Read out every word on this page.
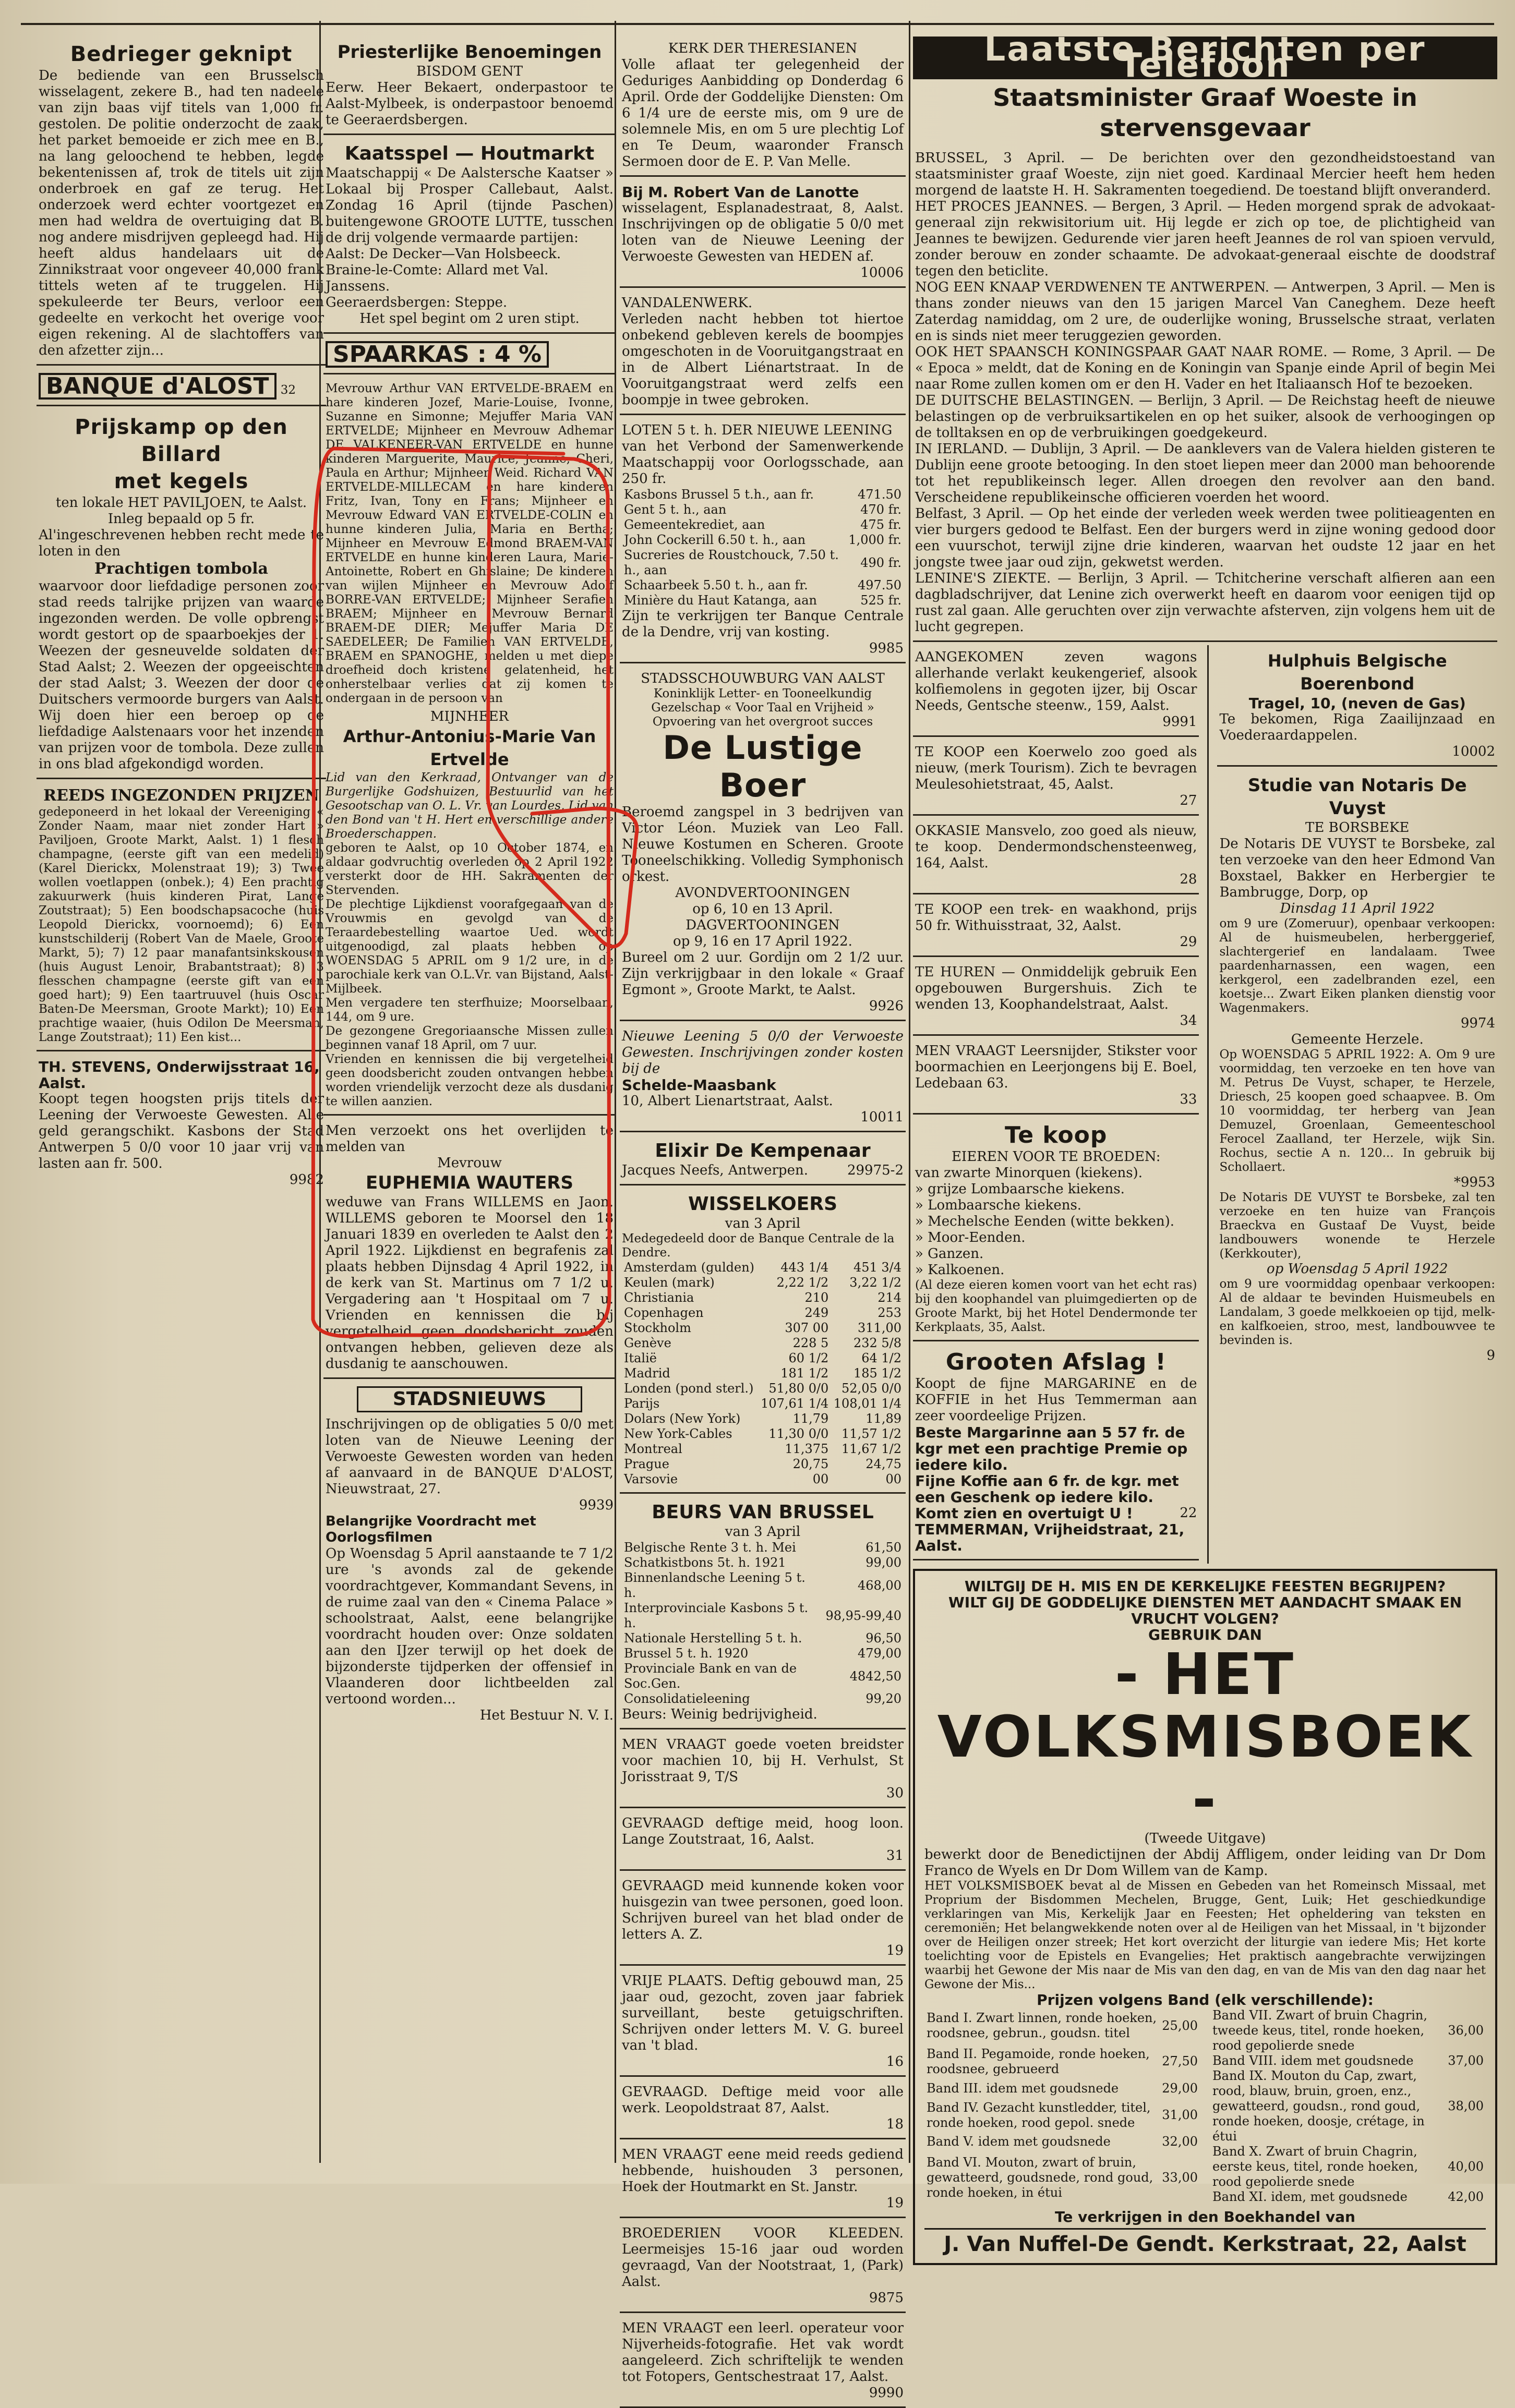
Bedrieger geknipt
De bediende van een Brusselsch wisselagent, zekere B., had ten nadeele van zijn baas vijf titels van 1,000 fr. gestolen. De politie onderzocht de zaak, het parket bemoeide er zich mee en B., na lang geloochend te hebben, legde bekentenissen af, trok de titels uit zijn onderbroek en gaf ze terug. Het onderzoek werd echter voortgezet en men had weldra de overtuiging dat B. nog andere misdrijven gepleegd had. Hij heeft aldus handelaars uit de Zinnikstraat voor ongeveer 40,000 frank tittels weten af te truggelen. Hij spekuleerde ter Beurs, verloor een gedeelte en verkocht het overige voor eigen rekening. Al de slachtoffers van den afzetter zijn...
BANQUE d'ALOST 32
Prijskamp op den Billard
met kegels
ten lokale HET PAVILJOEN, te Aalst.
Inleg bepaald op 5 fr.
Al'ingeschrevenen hebben recht mede te loten in den
Prachtigen tombola
waarvoor door liefdadige personen zoor stad reeds talrijke prijzen van waarde ingezonden werden. De volle opbrengst wordt gestort op de spaarboekjes der 1. Weezen der gesneuvelde soldaten der Stad Aalst; 2. Weezen der opgeeischten der stad Aalst; 3. Weezen der door de Duitschers vermoorde burgers van Aalst. Wij doen hier een beroep op de liefdadige Aalstenaars voor het inzenden van prijzen voor de tombola. Deze zullen in ons blad afgekondigd worden.
REEDS INGEZONDEN PRIJZEN
gedeponeerd in het lokaal der Vereeniging « Zonder Naam, maar niet zonder Hart » Paviljoen, Groote Markt, Aalst. 1) 1 flesch champagne, (eerste gift van een medelid) (Karel Dierickx, Molenstraat 19); 3) Twee wollen voetlappen (onbek.); 4) Een prachtig zakuurwerk (huis kinderen Pirat, Lange Zoutstraat); 5) Een boodschapsacoche (huis Leopold Dierickx, voornoemd); 6) Een kunstschilderij (Robert Van de Maele, Groote Markt, 5); 7) 12 paar manafantsinkskousen (huis August Lenoir, Brabantstraat); 8) 3 flesschen champagne (eerste gift van een goed hart); 9) Een taartruuvel (huis Oscar Baten-De Meersman, Groote Markt); 10) Een prachtige waaier, (huis Odilon De Meersman, Lange Zoutstraat); 11) Een kist...
TH. STEVENS, Onderwijsstraat 16, Aalst.
Koopt tegen hoogsten prijs titels der Leening der Verwoeste Gewesten. Alle geld gerangschikt. Kasbons der Stad Antwerpen 5 0/0 voor 10 jaar vrij van lasten aan fr. 500.
9982
Priesterlijke Benoemingen
BISDOM GENT
Eerw. Heer Bekaert, onderpastoor te Aalst-Mylbeek, is onderpastoor benoemd te Geeraerdsbergen.
Kaatsspel — Houtmarkt
Maatschappij « De Aalstersche Kaatser » Lokaal bij Prosper Callebaut, Aalst. Zondag 16 April (tijnde Paschen) buitengewone GROOTE LUTTE, tusschen de drij volgende vermaarde partijen:
Aalst: De Decker—Van Holsbeeck.
Braine-le-Comte: Allard met Val. Janssens.
Geeraerdsbergen: Steppe.
Het spel begint om 2 uren stipt.
SPAARKAS : 4 %
Mevrouw Arthur VAN ERTVELDE-BRAEM en hare kinderen Jozef, Marie-Louise, Ivonne, Suzanne en Simonne; Mejuffer Maria VAN ERTVELDE; Mijnheer en Mevrouw Adhemar DE VALKENEER-VAN ERTVELDE en hunne kinderen Marguerite, Maurice, Jeanne, Cheri, Paula en Arthur; Mijnheer Weid. Richard VAN ERTVELDE-MILLECAM en hare kinderen Fritz, Ivan, Tony en Frans; Mijnheer en Mevrouw Edward VAN ERTVELDE-COLIN en hunne kinderen Julia, Maria en Bertha; Mijnheer en Mevrouw Edmond BRAEM-VAN ERTVELDE en hunne kinderen Laura, Marie-Antoinette, Robert en Ghislaine; De kinderen van wijlen Mijnheer en Mevrouw Adolf BORRE-VAN ERTVELDE; Mijnheer Serafien BRAEM; Mijnheer en Mevrouw Bernard BRAEM-DE DIER; Mejuffer Maria DE SAEDELEER; De Familien VAN ERTVELDE, BRAEM en SPANOGHE, melden u met diepe droefheid doch kristene gelatenheid, het onherstelbaar verlies dat zij komen te ondergaan in de persoon van
MIJNHEER
Arthur-Antonius-Marie Van Ertvelde
Lid van den Kerkraad, Ontvanger van de Burgerlijke Godshuizen, Bestuurlid van het Gesootschap van O. L. Vr. van Lourdes, Lid van den Bond van 't H. Hert en verschillige andere Broederschappen.
geboren te Aalst, op 10 October 1874, en aldaar godvruchtig overleden op 2 April 1922 versterkt door de HH. Sakramenten der Stervenden.
De plechtige Lijkdienst voorafgegaan van de Vrouwmis en gevolgd van de Teraardebestelling waartoe Ued. wordt uitgenoodigd, zal plaats hebben op WOENSDAG 5 APRIL om 9 1/2 ure, in de parochiale kerk van O.L.Vr. van Bijstand, Aalst-Mijlbeek.
Men vergadere ten sterfhuize; Moorselbaan, 144, om 9 ure.
De gezongene Gregoriaansche Missen zullen beginnen vanaf 18 April, om 7 uur.
Vrienden en kennissen die bij vergetelheid geen doodsbericht zouden ontvangen hebben worden vriendelijk verzocht deze als dusdanig te willen aanzien.
Men verzoekt ons het overlijden te melden van
Mevrouw
EUPHEMIA WAUTERS
weduwe van Frans WILLEMS en Jaon. WILLEMS geboren te Moorsel den 18 Januari 1839 en overleden te Aalst den 2 April 1922. Lijkdienst en begrafenis zal plaats hebben Dijnsdag 4 April 1922, in de kerk van St. Martinus om 7 1/2 u. Vergadering aan 't Hospitaal om 7 u. Vrienden en kennissen die bij vergetelheid geen doodsbericht zouden ontvangen hebben, gelieven deze als dusdanig te aanschouwen.
STADSNIEUWS
Inschrijvingen op de obligaties 5 0/0 met loten van de Nieuwe Leening der Verwoeste Gewesten worden van heden af aanvaard in de BANQUE D'ALOST, Nieuwstraat, 27.
9939
Belangrijke Voordracht met Oorlogsfilmen
Op Woensdag 5 April aanstaande te 7 1/2 ure 's avonds zal de gekende voordrachtgever, Kommandant Sevens, in de ruime zaal van den « Cinema Palace » schoolstraat, Aalst, eene belangrijke voordracht houden over: Onze soldaten aan den IJzer terwijl op het doek de bijzonderste tijdperken der offensief in Vlaanderen door lichtbeelden zal vertoond worden...
Het Bestuur N. V. I.
KERK DER THERESIANEN
Volle aflaat ter gelegenheid der Geduriges Aanbidding op Donderdag 6 April. Orde der Goddelijke Diensten: Om 6 1/4 ure de eerste mis, om 9 ure de solemnele Mis, en om 5 ure plechtig Lof en Te Deum, waaronder Fransch Sermoen door de E. P. Van Melle.
Bij M. Robert Van de Lanotte
wisselagent, Esplanadestraat, 8, Aalst. Inschrijvingen op de obligatie 5 0/0 met loten van de Nieuwe Leening der Verwoeste Gewesten van HEDEN af.
10006
VANDALENWERK.
Verleden nacht hebben tot hiertoe onbekend gebleven kerels de boompjes omgeschoten in de Vooruitgangstraat en in de Albert Liénartstraat. In de Vooruitgangstraat werd zelfs een boompje in twee gebroken.
LOTEN 5 t. h. DER NIEUWE LEENING
van het Verbond der Samenwerkende Maatschappij voor Oorlogsschade, aan 250 fr.
Kasbons Brussel 5 t.h., aan fr.	471.50
Gent 5 t. h., aan	470 fr.
Gemeentekrediet, aan	475 fr.
John Cockerill 6.50 t. h., aan	1,000 fr.
Sucreries de Roustchouck, 7.50 t. h., aan	490 fr.
Schaarbeek 5.50 t. h., aan fr.	497.50
Minière du Haut Katanga, aan	525 fr.
Zijn te verkrijgen ter Banque Centrale de la Dendre, vrij van kosting.
9985
STADSSCHOUWBURG VAN AALST
Koninklijk Letter- en Tooneelkundig Gezelschap « Voor Taal en Vrijheid »
Opvoering van het overgroot succes
De Lustige Boer
Beroemd zangspel in 3 bedrijven van Victor Léon. Muziek van Leo Fall. Nieuwe Kostumen en Scheren. Groote Tooneelschikking. Volledig Symphonisch orkest.
AVONDVERTOONINGEN
op 6, 10 en 13 April.
DAGVERTOONINGEN
op 9, 16 en 17 April 1922.
Bureel om 2 uur. Gordijn om 2 1/2 uur. Zijn verkrijgbaar in den lokale « Graaf Egmont », Groote Markt, te Aalst.
9926
Nieuwe Leening 5 0/0 der Verwoeste Gewesten. Inschrijvingen zonder kosten bij de
Schelde-Maasbank
10, Albert Lienartstraat, Aalst.
10011
Elixir De Kempenaar
Jacques Neefs, Antwerpen.	29975-2
WISSELKOERS
van 3 April
Medegedeeld door de Banque Centrale de la Dendre.
Amsterdam (gulden)	443 1/4	451 3/4
Keulen (mark)	2,22 1/2	3,22 1/2
Christiania	210	214
Copenhagen	249	253
Stockholm	307 00	311,00
Genève	228 5	232 5/8
Italië	60 1/2	64 1/2
Madrid	181 1/2	185 1/2
Londen (pond sterl.)	51,80 0/0	52,05 0/0
Parijs	107,61 1/4	108,01 1/4
Dolars (New York)	11,79	11,89
New York-Cables	11,30 0/0	11,57 1/2
Montreal	11,375	11,67 1/2
Prague	20,75	24,75
Varsovie	00	00
BEURS VAN BRUSSEL
van 3 April
Belgische Rente 3 t. h. Mei	61,50
Schatkistbons 5t. h. 1921	99,00
Binnenlandsche Leening 5 t. h.	468,00
Interprovinciale Kasbons 5 t. h.	98,95-99,40
Nationale Herstelling 5 t. h.	96,50
Brussel 5 t. h. 1920	479,00
Provinciale Bank en van de Soc.Gen.	4842,50
Consolidatieleening	99,20
Beurs: Weinig bedrijvigheid.
MEN VRAAGT goede voeten breidster voor machien 10, bij H. Verhulst, St Jorisstraat 9, T/S
30
GEVRAAGD deftige meid, hoog loon. Lange Zoutstraat, 16, Aalst.
31
GEVRAAGD meid kunnende koken voor huisgezin van twee personen, goed loon. Schrijven bureel van het blad onder de letters A. Z.
19
VRIJE PLAATS. Deftig gebouwd man, 25 jaar oud, gezocht, zoven jaar fabriek surveillant, beste getuigschriften. Schrijven onder letters M. V. G. bureel van 't blad.
16
GEVRAAGD. Deftige meid voor alle werk. Leopoldstraat 87, Aalst.
18
MEN VRAAGT eene meid reeds gediend hebbende, huishouden 3 personen, Hoek der Houtmarkt en St. Janstr.
19
BROEDERIEN VOOR KLEEDEN. Leermeisjes 15-16 jaar oud worden gevraagd, Van der Nootstraat, 1, (Park) Aalst.
9875
MEN VRAAGT een leerl. operateur voor Nijverheids-fotografie. Het vak wordt aangeleerd. Zich schriftelijk te wenden tot Fotopers, Gentschestraat 17, Aalst.
9990
Laatste Berichten per Telefoon
Staatsminister Graaf Woeste in stervensgevaar
BRUSSEL, 3 April. — De berichten over den gezondheidstoestand van staatsminister graaf Woeste, zijn niet goed. Kardinaal Mercier heeft hem heden morgend de laatste H. H. Sakramenten toegediend. De toestand blijft onveranderd.
HET PROCES JEANNES. — Bergen, 3 April. — Heden morgend sprak de advokaat-generaal zijn rekwisitorium uit. Hij legde er zich op toe, de plichtigheid van Jeannes te bewijzen. Gedurende vier jaren heeft Jeannes de rol van spioen vervuld, zonder berouw en zonder schaamte. De advokaat-generaal eischte de doodstraf tegen den beticlite.
NOG EEN KNAAP VERDWENEN TE ANTWERPEN. — Antwerpen, 3 April. — Men is thans zonder nieuws van den 15 jarigen Marcel Van Caneghem. Deze heeft Zaterdag namiddag, om 2 ure, de ouderlijke woning, Brusselsche straat, verlaten en is sinds niet meer teruggezien geworden.
OOK HET SPAANSCH KONINGSPAAR GAAT NAAR ROME. — Rome, 3 April. — De « Epoca » meldt, dat de Koning en de Koningin van Spanje einde April of begin Mei naar Rome zullen komen om er den H. Vader en het Italiaansch Hof te bezoeken.
DE DUITSCHE BELASTINGEN. — Berlijn, 3 April. — De Reichstag heeft de nieuwe belastingen op de verbruiksartikelen en op het suiker, alsook de verhoogingen op de tolltaksen en op de verbruikingen goedgekeurd.
IN IERLAND. — Dublijn, 3 April. — De aanklevers van de Valera hielden gisteren te Dublijn eene groote betooging. In den stoet liepen meer dan 2000 man behoorende tot het republikeinsch leger. Allen droegen den revolver aan den band. Verscheidene republikeinsche officieren voerden het woord.
Belfast, 3 April. — Op het einde der verleden week werden twee politieagenten en vier burgers gedood te Belfast. Een der burgers werd in zijne woning gedood door een vuurschot, terwijl zijne drie kinderen, waarvan het oudste 12 jaar en het jongste twee jaar oud zijn, gekwetst werden.
LENINE'S ZIEKTE. — Berlijn, 3 April. — Tchitcherine verschaft alfieren aan een dagbladschrijver, dat Lenine zich overwerkt heeft en daarom voor eenigen tijd op rust zal gaan. Alle geruchten over zijn verwachte afsterven, zijn volgens hem uit de lucht gegrepen.
AANGEKOMEN zeven wagons allerhande verlakt keukengerief, alsook kolfiemolens in gegoten ijzer, bij Oscar Needs, Gentsche steenw., 159, Aalst.
9991
TE KOOP een Koerwelo zoo goed als nieuw, (merk Tourism). Zich te bevragen Meulesohietstraat, 45, Aalst.
27
OKKASIE Mansvelo, zoo goed als nieuw, te koop. Dendermondschensteenweg, 164, Aalst.
28
TE KOOP een trek- en waakhond, prijs 50 fr. Withuisstraat, 32, Aalst.
29
TE HUREN — Onmiddelijk gebruik Een opgebouwen Burgershuis. Zich te wenden 13, Koophandelstraat, Aalst.
34
MEN VRAAGT Leersnijder, Stikster voor boormachien en Leerjongens bij E. Boel, Ledebaan 63.
33
Te koop
EIEREN VOOR TE BROEDEN:
van zwarte Minorquen (kiekens).
» grijze Lombaarsche kiekens.
» Lombaarsche kiekens.
» Mechelsche Eenden (witte bekken).
» Moor-Eenden.
» Ganzen.
» Kalkoenen.
(Al deze eieren komen voort van het echt ras) bij den koophandel van pluimgedierten op de Groote Markt, bij het Hotel Dendermonde ter Kerkplaats, 35, Aalst.
Grooten Afslag !
Koopt de fijne MARGARINE en de KOFFIE in het Hus Temmerman aan zeer voordeelige Prijzen.
Beste Margarinne aan 5 57 fr. de kgr met een prachtige Premie op iedere kilo.
Fijne Koffie aan 6 fr. de kgr. met een Geschenk op iedere kilo.
Komt zien en overtuigt U !	22
TEMMERMAN, Vrijheidstraat, 21, Aalst.
Hulphuis Belgische Boerenbond
Tragel, 10, (neven de Gas)
Te bekomen, Riga Zaailijnzaad en Voederaardappelen.
10002
Studie van Notaris De Vuyst
TE BORSBEKE
De Notaris DE VUYST te Borsbeke, zal ten verzoeke van den heer Edmond Van Boxstael, Bakker en Herbergier te Bambrugge, Dorp, op
Dinsdag 11 April 1922
om 9 ure (Zomeruur), openbaar verkoopen: Al de huismeubelen, herberggerief, slachtergerief en landalaam. Twee paardenharnassen, een wagen, een kerkgerol, een zadelbranden ezel, een koetsje... Zwart Eiken planken dienstig voor Wagenmakers.
9974
Gemeente Herzele.
Op WOENSDAG 5 APRIL 1922: A. Om 9 ure voormiddag, ten verzoeke en ten hove van M. Petrus De Vuyst, schaper, te Herzele, Driesch, 25 koopen goed schaapvee. B. Om 10 voormiddag, ter herberg van Jean Demuzel, Groenlaan, Gemeenteschool Ferocel Zaalland, ter Herzele, wijk Sin. Rochus, sectie A n. 120... In gebruik bij Schollaert.
*9953
De Notaris DE VUYST te Borsbeke, zal ten verzoeke en ten huize van François Braeckva en Gustaaf De Vuyst, beide landbouwers wonende te Herzele (Kerkkouter),
op Woensdag 5 April 1922
om 9 ure voormiddag openbaar verkoopen: Al de aldaar te bevinden Huismeubels en Landalam, 3 goede melkkoeien op tijd, melk- en kalfkoeien, stroo, mest, landbouwvee te bevinden is.
9
WILTGIJ DE H. MIS EN DE KERKELIJKE FEESTEN BEGRIJPEN?
WILT GIJ DE GODDELIJKE DIENSTEN MET AANDACHT SMAAK EN VRUCHT VOLGEN?
GEBRUIK DAN
- HET VOLKSMISBOEK -
(Tweede Uitgave)
bewerkt door de Benedictijnen der Abdij Affligem, onder leiding van Dr Dom Franco de Wyels en Dr Dom Willem van de Kamp.
HET VOLKSMISBOEK bevat al de Missen en Gebeden van het Romeinsch Missaal, met Proprium der Bisdommen Mechelen, Brugge, Gent, Luik; Het geschiedkundige verklaringen van Mis, Kerkelijk Jaar en Feesten; Het opheldering van teksten en ceremoniën; Het belangwekkende noten over al de Heiligen van het Missaal, in 't bijzonder over de Heiligen onzer streek; Het kort overzicht der liturgie van iedere Mis; Het korte toelichting voor de Epistels en Evangelies; Het praktisch aangebrachte verwijzingen waarbij het Gewone der Mis naar de Mis van den dag, en van de Mis van den dag naar het Gewone der Mis...
Prijzen volgens Band (elk verschillende):
Band I. Zwart linnen, ronde hoeken, roodsnee, gebrun., goudsn. titel	25,00
Band II. Pegamoide, ronde hoeken, roodsnee, gebrueerd	27,50
Band III. idem met goudsnede	29,00
Band IV. Gezacht kunstledder, titel, ronde hoeken, rood gepol. snede	31,00
Band V. idem met goudsnede	32,00
Band VI. Mouton, zwart of bruin, gewatteerd, goudsnede, rond goud, ronde hoeken, in étui	33,00
Band VII. Zwart of bruin Chagrin, tweede keus, titel, ronde hoeken, rood gepolierde snede	36,00
Band VIII. idem met goudsnede	37,00
Band IX. Mouton du Cap, zwart, rood, blauw, bruin, groen, enz., gewatteerd, goudsn., rond goud, ronde hoeken, doosje, crétage, in étui	38,00
Band X. Zwart of bruin Chagrin, eerste keus, titel, ronde hoeken, rood gepolierde snede	40,00
Band XI. idem, met goudsnede	42,00
Te verkrijgen in den Boekhandel van
J. Van Nuffel-De Gendt. Kerkstraat, 22, Aalst
